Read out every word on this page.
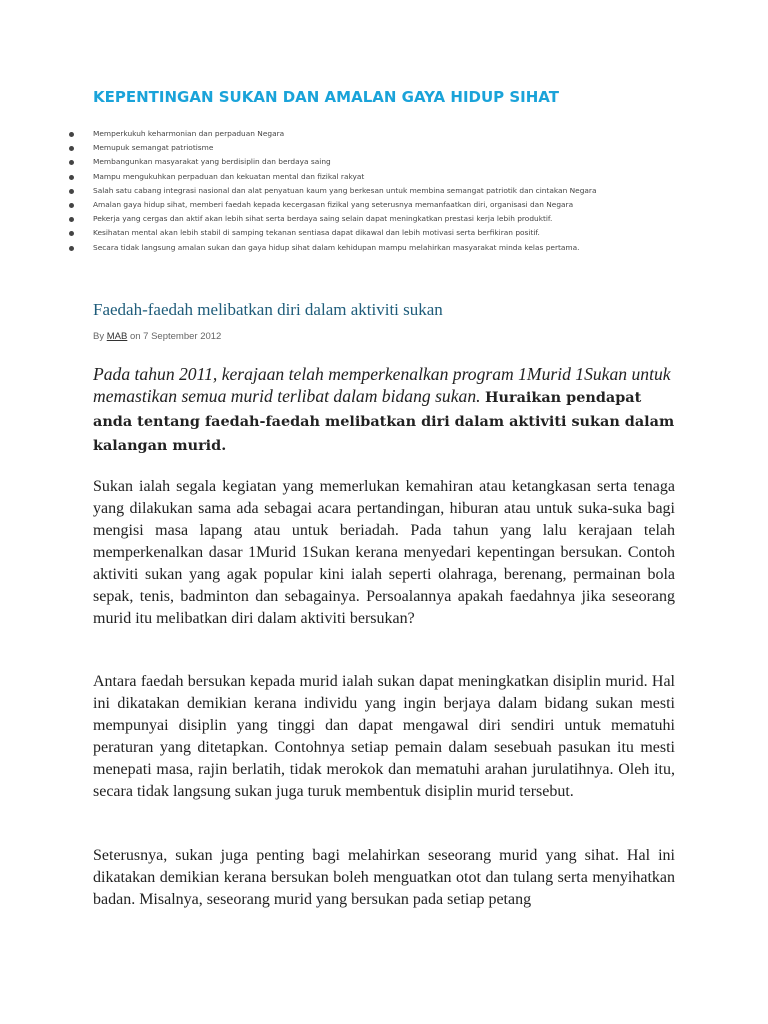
KEPENTINGAN SUKAN DAN AMALAN GAYA HIDUP SIHAT
Memperkukuh keharmonian dan perpaduan Negara
Memupuk semangat patriotisme
Membangunkan masyarakat yang berdisiplin dan berdaya saing
Mampu mengukuhkan perpaduan dan kekuatan mental dan fizikal rakyat
Salah satu cabang integrasi nasional dan alat penyatuan kaum yang berkesan untuk membina semangat patriotik dan cintakan Negara
Amalan gaya hidup sihat, memberi faedah kepada kecergasan fizikal yang seterusnya memanfaatkan diri, organisasi dan Negara
Pekerja yang cergas dan aktif akan lebih sihat serta berdaya saing selain dapat meningkatkan prestasi kerja lebih produktif.
Kesihatan mental akan lebih stabil di samping tekanan sentiasa dapat dikawal dan lebih motivasi serta berfikiran positif.
Secara tidak langsung amalan sukan dan gaya hidup sihat dalam kehidupan mampu melahirkan masyarakat minda kelas pertama.
Faedah-faedah melibatkan diri dalam aktiviti sukan
By MAB on 7 September 2012

Pada tahun 2011, kerajaan telah memperkenalkan program 1Murid 1Sukan untuk memastikan semua murid terlibat dalam bidang sukan. Huraikan pendapat anda tentang faedah-faedah melibatkan diri dalam aktiviti sukan dalam kalangan murid.

Sukan ialah segala kegiatan yang memerlukan kemahiran atau ketangkasan serta tenaga yang dilakukan sama ada sebagai acara pertandingan, hiburan atau untuk suka-suka bagi mengisi masa lapang atau untuk beriadah. Pada tahun yang lalu kerajaan telah memperkenalkan dasar 1Murid 1Sukan kerana menyedari kepentingan bersukan. Contoh aktiviti sukan yang agak popular kini ialah seperti olahraga, berenang, permainan bola sepak, tenis, badminton dan sebagainya. Persoalannya apakah faedahnya jika seseorang murid itu melibatkan diri dalam aktiviti bersukan?

Antara faedah bersukan kepada murid ialah sukan dapat meningkatkan disiplin murid. Hal ini dikatakan demikian kerana individu yang ingin berjaya dalam bidang sukan mesti mempunyai disiplin yang tinggi dan dapat mengawal diri sendiri untuk mematuhi peraturan yang ditetapkan. Contohnya setiap pemain dalam sesebuah pasukan itu mesti menepati masa, rajin berlatih, tidak merokok dan mematuhi arahan jurulatihnya. Oleh itu, secara tidak langsung sukan juga turuk membentuk disiplin murid tersebut.

Seterusnya, sukan juga penting bagi melahirkan seseorang murid yang sihat. Hal ini dikatakan demikian kerana bersukan boleh menguatkan otot dan tulang serta menyihatkan badan. Misalnya, seseorang murid yang bersukan pada setiap petang
